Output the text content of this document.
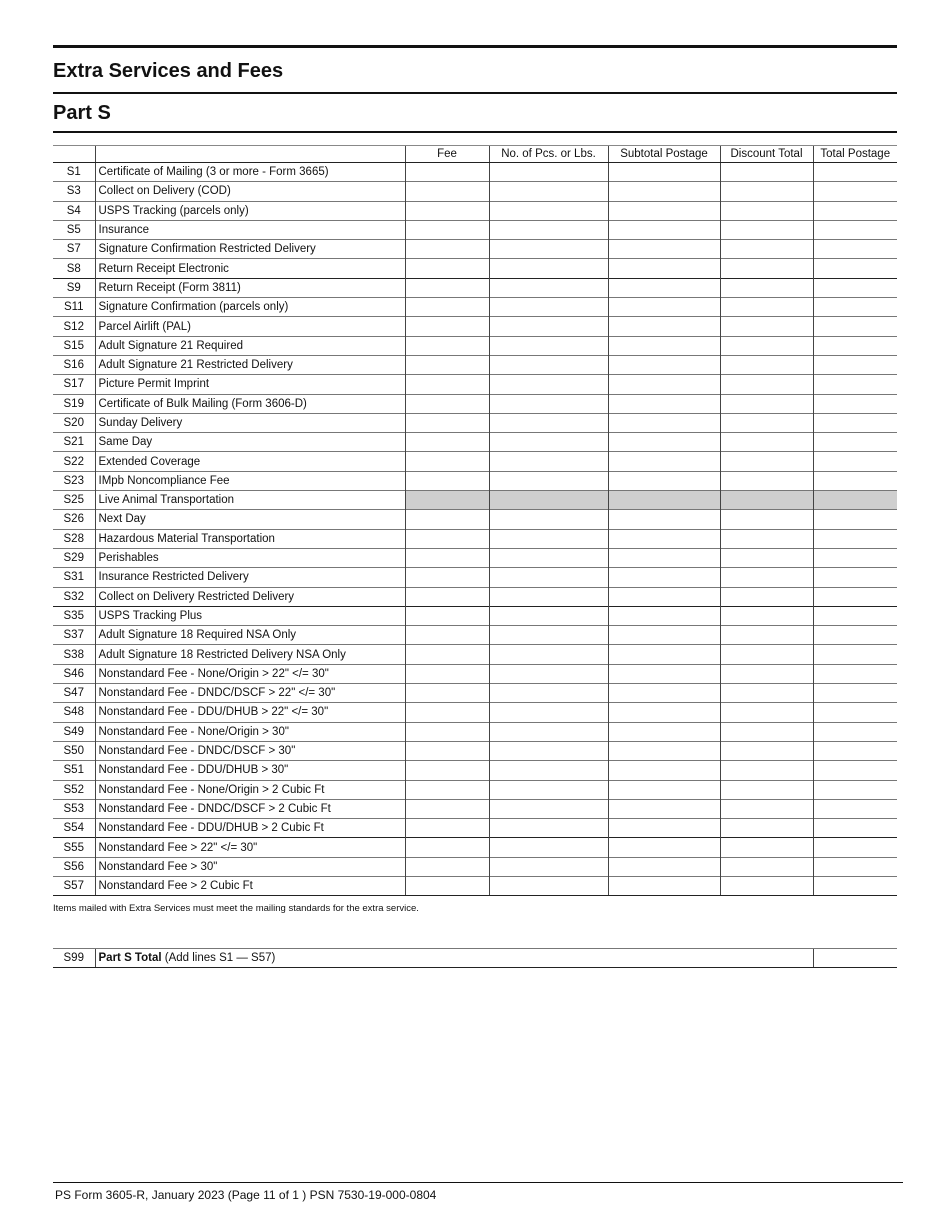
Extra Services and Fees
Part S
		Fee	No. of Pcs. or Lbs.	Subtotal Postage	Discount Total	Total Postage
S1	Certificate of Mailing (3 or more - Form 3665)					
S3	Collect on Delivery (COD)					
S4	USPS Tracking (parcels only)					
S5	Insurance					
S7	Signature Confirmation Restricted Delivery					
S8	Return Receipt Electronic					
S9	Return Receipt (Form 3811)					
S11	Signature Confirmation (parcels only)					
S12	Parcel Airlift (PAL)					
S15	Adult Signature 21 Required					
S16	Adult Signature 21 Restricted Delivery					
S17	Picture Permit Imprint					
S19	Certificate of Bulk Mailing (Form 3606-D)					
S20	Sunday Delivery					
S21	Same Day					
S22	Extended Coverage					
S23	IMpb Noncompliance Fee					
S25	Live Animal Transportation					
S26	Next Day					
S28	Hazardous Material Transportation					
S29	Perishables					
S31	Insurance Restricted Delivery					
S32	Collect on Delivery Restricted Delivery					
S35	USPS Tracking Plus					
S37	Adult Signature 18 Required NSA Only					
S38	Adult Signature 18 Restricted Delivery NSA Only					
S46	Nonstandard Fee - None/Origin > 22" </= 30"					
S47	Nonstandard Fee - DNDC/DSCF > 22" </= 30"					
S48	Nonstandard Fee - DDU/DHUB > 22" </= 30"					
S49	Nonstandard Fee - None/Origin > 30"					
S50	Nonstandard Fee - DNDC/DSCF > 30"					
S51	Nonstandard Fee - DDU/DHUB > 30"					
S52	Nonstandard Fee - None/Origin > 2 Cubic Ft					
S53	Nonstandard Fee - DNDC/DSCF > 2 Cubic Ft					
S54	Nonstandard Fee - DDU/DHUB > 2 Cubic Ft					
S55	Nonstandard Fee > 22" </= 30"					
S56	Nonstandard Fee > 30"					
S57	Nonstandard Fee > 2 Cubic Ft					
Items mailed with Extra Services must meet the mailing standards for the extra service.
S99	Part S Total (Add lines S1 — S57)	
PS Form 3605-R, January 2023 (Page 11 of 1 ) PSN 7530-19-000-0804
